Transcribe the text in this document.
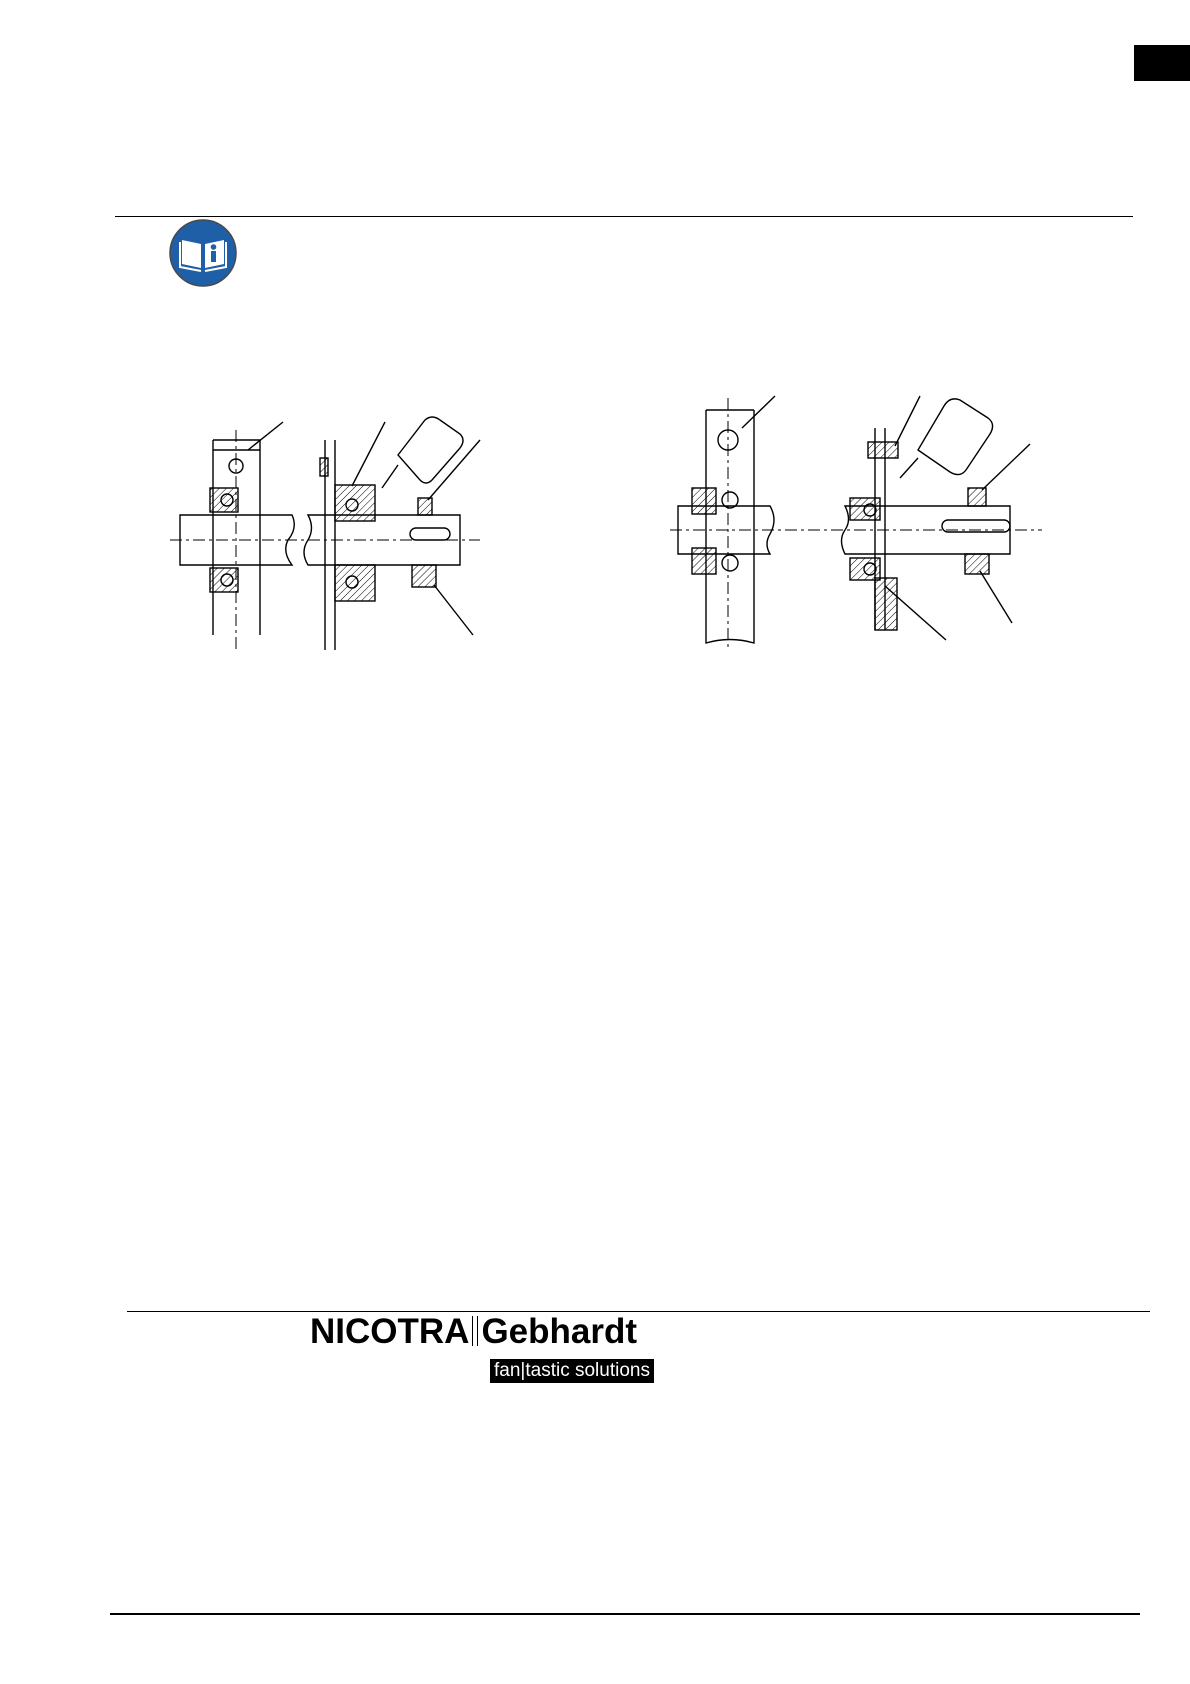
NICOTRA Gebhardt
fan|tastic solutions
